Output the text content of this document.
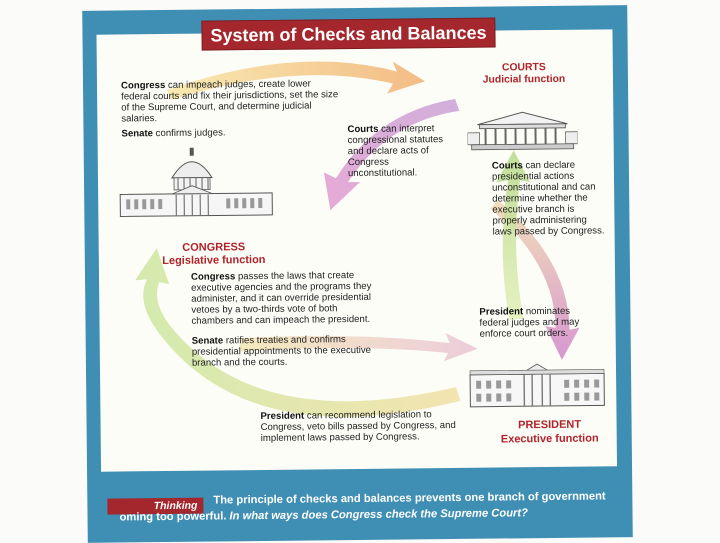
COURTS
Judicial function
CONGRESS
Legislative function
PRESIDENT
Executive function
Congress can impeach judges, create lower federal courts and fix their jurisdictions, set the size of the Supreme Court, and determine judicial salaries.
Senate confirms judges.	Courts can interpret congressional statutes and declare acts of Congress unconstitutional.
Courts can declare presidential actions unconstitutional and can determine whether the executive branch is properly administering laws passed by Congress.
Congress passes the laws that create executive agencies and the programs they administer, and it can override presidential vetoes by a two-thirds vote of both chambers and can impeach the president.
Senate ratifies treaties and confirms presidential appointments to the executive branch and the courts.
President nominates federal judges and may enforce court orders.
President can recommend legislation to Congress, veto bills passed by Congress, and implement laws passed by Congress.
System of Checks and Balances
Thinking The principle of checks and balances prevents one branch of government
oming too powerful. In what ways does Congress check the Supreme Court?
